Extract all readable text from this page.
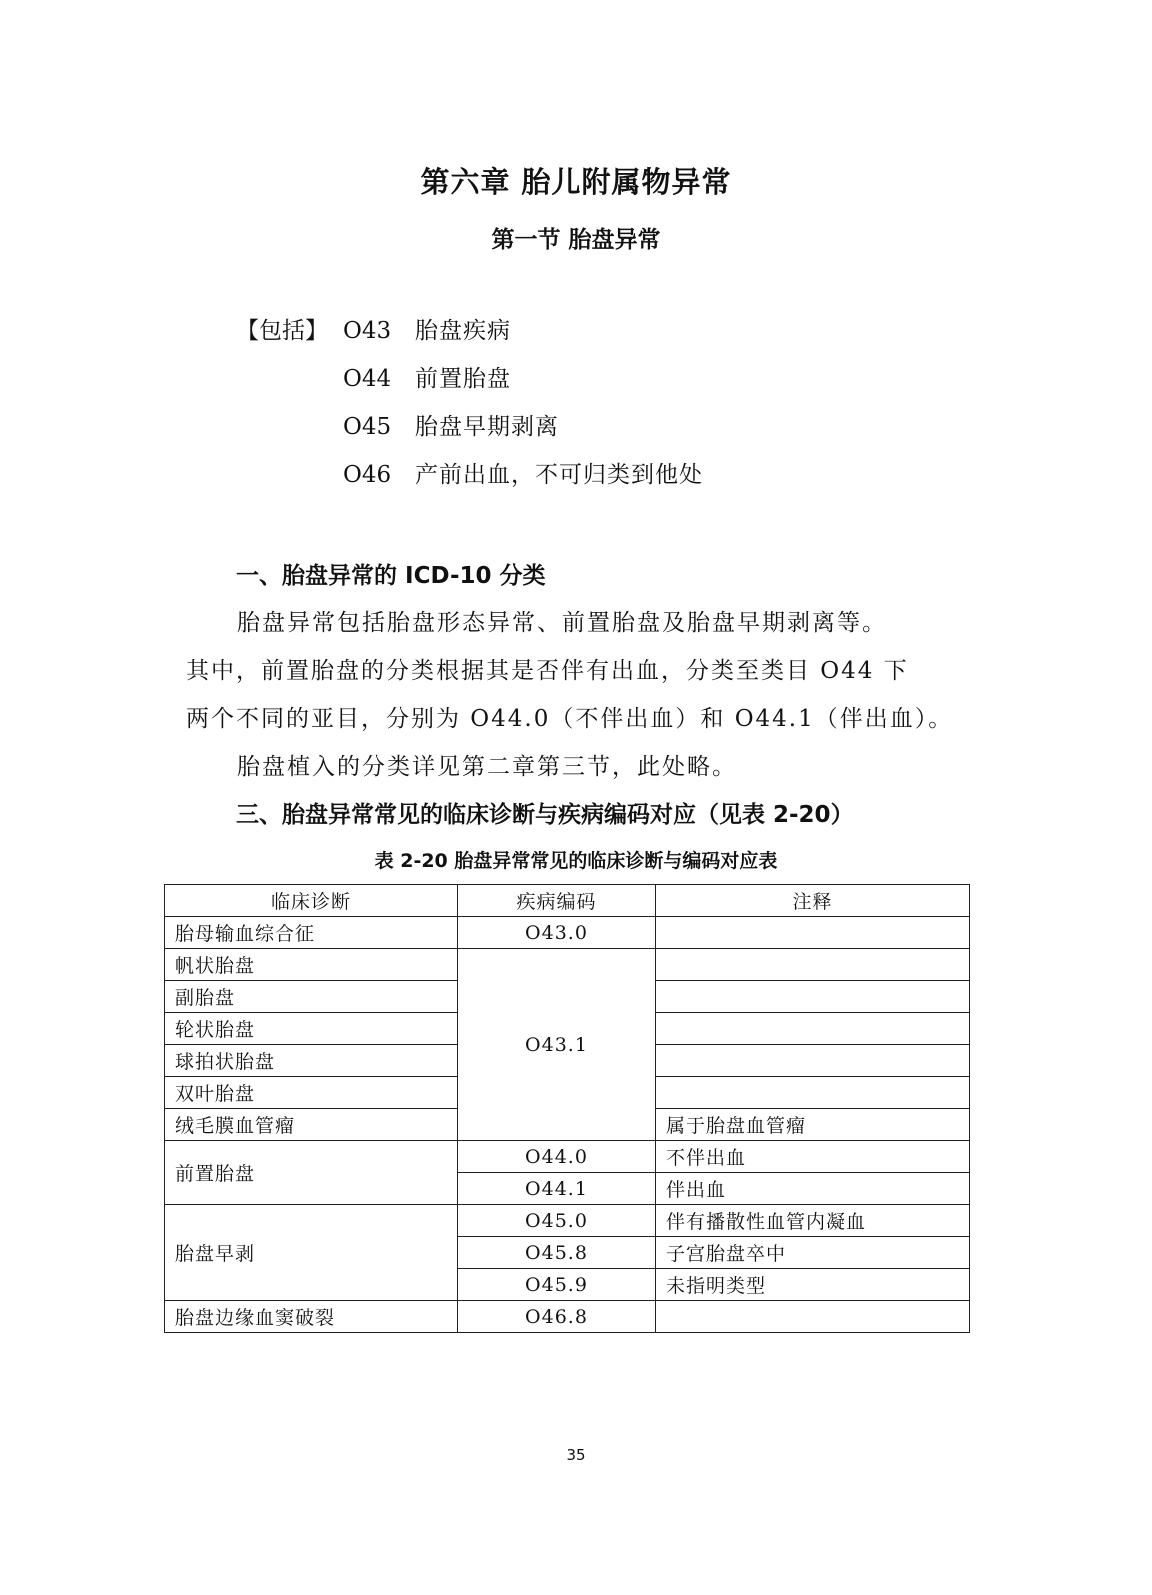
第六章 胎儿附属物异常
第一节 胎盘异常
【包括】 O43 胎盘疾病
O44 前置胎盘
O45 胎盘早期剥离
O46 产前出血，不可归类到他处
一、胎盘异常的 ICD-10 分类
胎盘异常包括胎盘形态异常、前置胎盘及胎盘早期剥离等。
其中，前置胎盘的分类根据其是否伴有出血，分类至类目 O44 下
两个不同的亚目，分别为 O44.0（不伴出血）和 O44.1（伴出血）。
胎盘植入的分类详见第二章第三节，此处略。
三、胎盘异常常见的临床诊断与疾病编码对应（见表 2-20）
表 2-20 胎盘异常常见的临床诊断与编码对应表
临床诊断	疾病编码	注释
胎母输血综合征	O43.0	
帆状胎盘	O43.1	
副胎盘		
轮状胎盘		
球拍状胎盘		
双叶胎盘		
绒毛膜血管瘤		属于胎盘血管瘤
前置胎盘	O44.0	不伴出血
	O44.1	伴出血
胎盘早剥	O45.0	伴有播散性血管内凝血
	O45.8	子宫胎盘卒中
	O45.9	未指明类型
胎盘边缘血窦破裂	O46.8	
35
